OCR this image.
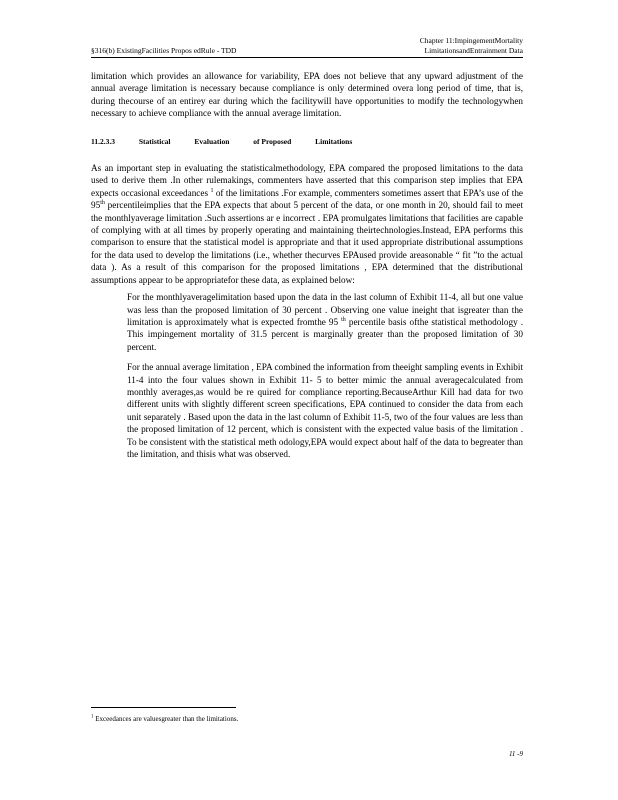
Chapter 11:ImpingementMortality
LimitationsandEntrainment Data
§316(b) ExistingFacilities Propos edRule - TDD

limitation which provides an allowance for variability, EPA does not believe that any upward adjustment of the annual average limitation is necessary because compliance is only determined overa long period of time, that is, during thecourse of an entirey ear during which the facilitywill have opportunities to modify the technologywhen necessary to achieve compliance with the annual average limitation.

11.2.3.3	Statistical	Evaluation	of Proposed	Limitations

As an important step in evaluating the statisticalmethodology, EPA compared the proposed limitations to the data used to derive them .In other rulemakings, commenters have asserted that this comparison step implies that EPA expects occasional exceedances $^1$ of the limitations .For example, commenters sometimes assert that EPA’s use of the 95th percentileimplies that the EPA expects that about 5 percent of the data, or one month in 20, should fail to meet the monthlyaverage limitation .Such assertions ar e incorrect . EPA promulgates limitations that facilities are capable of complying with at all times by properly operating and maintaining theirtechnologies.Instead, EPA performs this comparison to ensure that the statistical model is appropriate and that it used appropriate distributional assumptions for the data used to develop the limitations (i.e., whether thecurves EPAused provide areasonable “ fit ”to the actual data ). As a result of this comparison for the proposed limitations , EPA determined that the distributional assumptions appear to be appropriatefor these data, as explained below:

For the monthlyaveragelimitation based upon the data in the last column of Exhibit 11-4, all but one value was less than the proposed limitation of 30 percent . Observing one value ineight that isgreater than the limitation is approximately what is expected fromthe 95 $^{th}$ percentile basis ofthe statistical methodology . This impingement mortality of 31.5 percent is marginally greater than the proposed limitation of 30 percent.
For the annual average limitation , EPA combined the information from theeight sampling events in Exhibit 11-4 into the four values shown in Exhibit 11- 5 to better mimic the annual averagecalculated from monthly averages,as would be re quired for compliance reporting.BecauseArthur Kill had data for two different units with slightly different screen specifications, EPA continued to consider the data from each unit separately . Based upon the data in the last column of Exhibit 11-5, two of the four values are less than the proposed limitation of 12 percent, which is consistent with the expected value basis of the limitation . To be consistent with the statistical meth odology,EPA would expect about half of the data to begreater than the limitation, and thisis what was observed.
$^1$ Exceedances are valuesgreater than the limitations.
11 -9
